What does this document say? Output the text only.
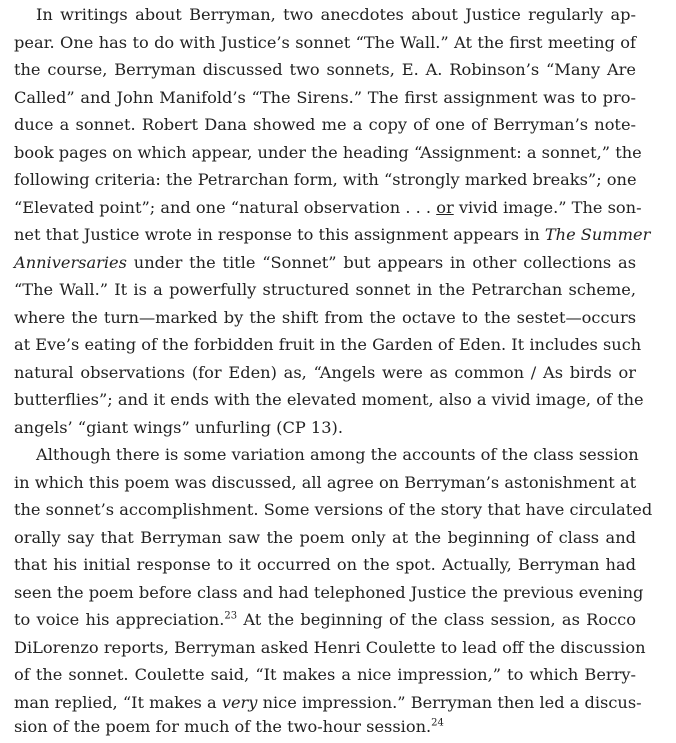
In writings about Berryman, two anecdotes about Justice regularly ap-
pear. One has to do with Justice’s sonnet “The Wall.” At the first meeting of
the course, Berryman discussed two sonnets, E. A. Robinson’s “Many Are
Called” and John Manifold’s “The Sirens.” The first assignment was to pro-
duce a sonnet. Robert Dana showed me a copy of one of Berryman’s note-
book pages on which appear, under the heading “Assignment: a sonnet,” the
following criteria: the Petrarchan form, with “strongly marked breaks”; one
“Elevated point”; and one “natural observation . . . or vivid image.” The son-
net that Justice wrote in response to this assignment appears in The Summer
Anniversaries under the title “Sonnet” but appears in other collections as
“The Wall.” It is a powerfully structured sonnet in the Petrarchan scheme,
where the turn—marked by the shift from the octave to the sestet—occurs
at Eve’s eating of the forbidden fruit in the Garden of Eden. It includes such
natural observations (for Eden) as, “Angels were as common / As birds or
butterflies”; and it ends with the elevated moment, also a vivid image, of the
angels’ “giant wings” unfurling (CP 13).
Although there is some variation among the accounts of the class session
in which this poem was discussed, all agree on Berryman’s astonishment at
the sonnet’s accomplishment. Some versions of the story that have circulated
orally say that Berryman saw the poem only at the beginning of class and
that his initial response to it occurred on the spot. Actually, Berryman had
seen the poem before class and had telephoned Justice the previous evening
to voice his appreciation.$^{23}$ At the beginning of the class session, as Rocco
DiLorenzo reports, Berryman asked Henri Coulette to lead off the discussion
of the sonnet. Coulette said, “It makes a nice impression,” to which Berry-
man replied, “It makes a very nice impression.” Berryman then led a discus-
sion of the poem for much of the two-hour session.$^{24}$
